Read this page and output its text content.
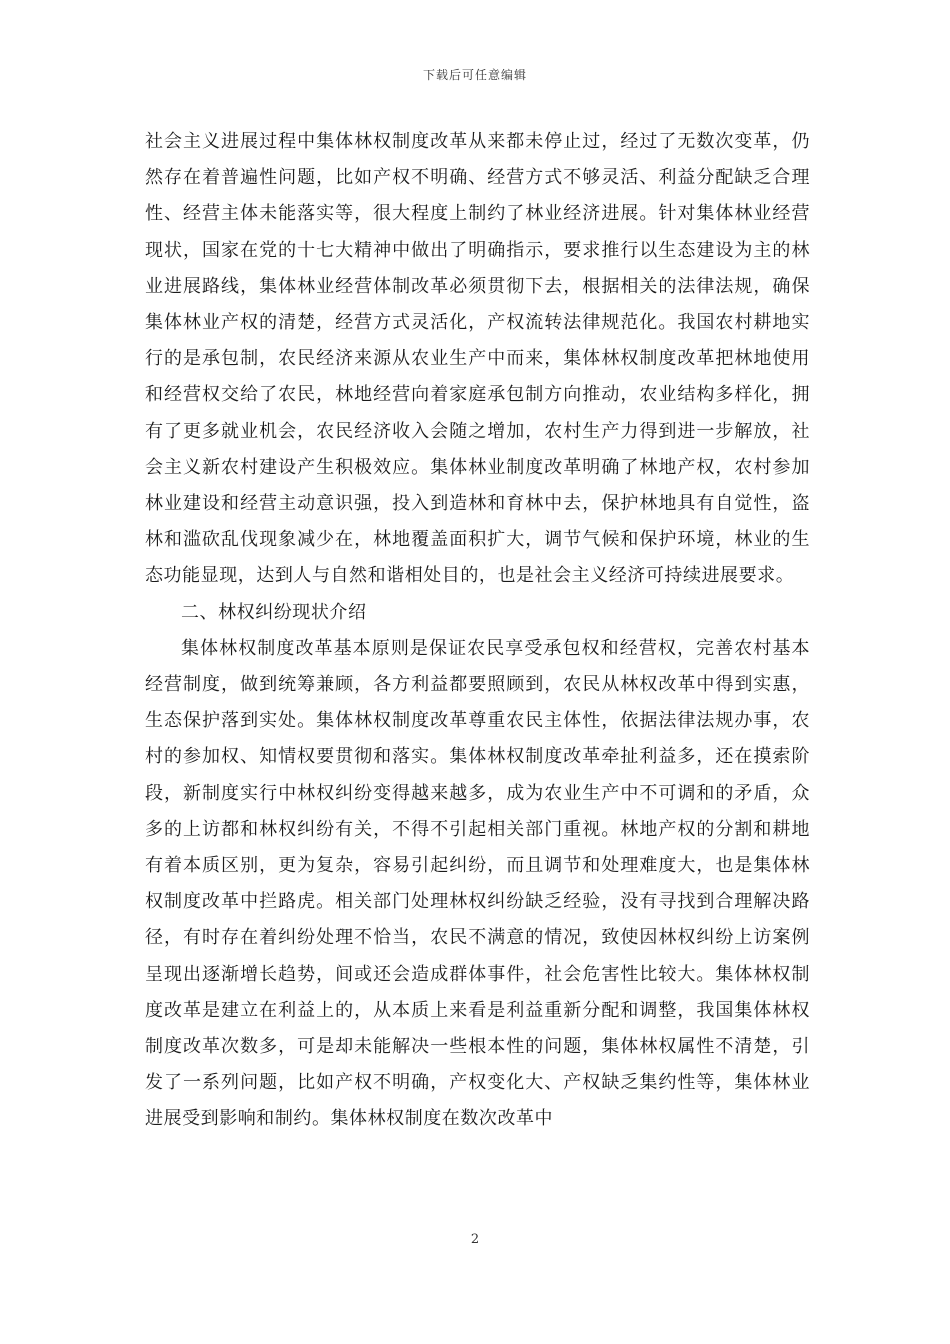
下载后可任意编辑

社会主义进展过程中集体林权制度改革从来都未停止过，经过了无数次变革，仍然存在着普遍性问题，比如产权不明确、经营方式不够灵活、利益分配缺乏合理性、经营主体未能落实等，很大程度上制约了林业经济进展。针对集体林业经营现状，国家在党的十七大精神中做出了明确指示，要求推行以生态建设为主的林业进展路线，集体林业经营体制改革必须贯彻下去，根据相关的法律法规，确保集体林业产权的清楚，经营方式灵活化，产权流转法律规范化。我国农村耕地实行的是承包制，农民经济来源从农业生产中而来，集体林权制度改革把林地使用和经营权交给了农民，林地经营向着家庭承包制方向推动，农业结构多样化，拥有了更多就业机会，农民经济收入会随之增加，农村生产力得到进一步解放，社会主义新农村建设产生积极效应。集体林业制度改革明确了林地产权，农村参加林业建设和经营主动意识强，投入到造林和育林中去，保护林地具有自觉性，盗林和滥砍乱伐现象减少在，林地覆盖面积扩大，调节气候和保护环境，林业的生态功能显现，达到人与自然和谐相处目的，也是社会主义经济可持续进展要求。

二、林权纠纷现状介绍

集体林权制度改革基本原则是保证农民享受承包权和经营权，完善农村基本经营制度，做到统筹兼顾，各方利益都要照顾到，农民从林权改革中得到实惠，生态保护落到实处。集体林权制度改革尊重农民主体性，依据法律法规办事，农村的参加权、知情权要贯彻和落实。集体林权制度改革牵扯利益多，还在摸索阶段，新制度实行中林权纠纷变得越来越多，成为农业生产中不可调和的矛盾，众多的上访都和林权纠纷有关，不得不引起相关部门重视。林地产权的分割和耕地有着本质区别，更为复杂，容易引起纠纷，而且调节和处理难度大，也是集体林权制度改革中拦路虎。相关部门处理林权纠纷缺乏经验，没有寻找到合理解决路径，有时存在着纠纷处理不恰当，农民不满意的情况，致使因林权纠纷上访案例呈现出逐渐增长趋势，间或还会造成群体事件，社会危害性比较大。集体林权制度改革是建立在利益上的，从本质上来看是利益重新分配和调整，我国集体林权制度改革次数多，可是却未能解决一些根本性的问题，集体林权属性不清楚，引发了一系列问题，比如产权不明确，产权变化大、产权缺乏集约性等，集体林业进展受到影响和制约。集体林权制度在数次改革中

2
